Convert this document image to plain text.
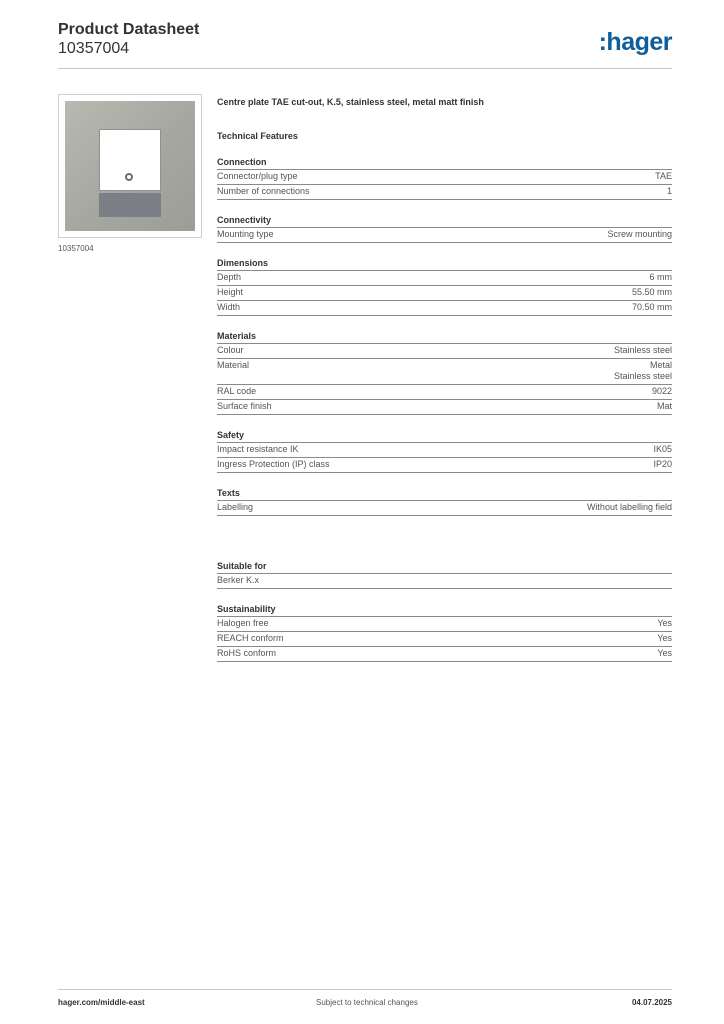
Product Datasheet
10357004	:hager
10357004
Centre plate TAE cut-out, K.5, stainless steel, metal matt finish
Technical Features
Connection
Connector/plug type	TAE
Number of connections	1
Connectivity
Mounting type	Screw mounting
Dimensions
Depth	6 mm
Height	55.50 mm
Width	70.50 mm
Materials
Colour	Stainless steel
Material	Metal
Stainless steel
RAL code	9022
Surface finish	Mat
Safety
Impact resistance IK	IK05
Ingress Protection (IP) class	IP20
Texts
Labelling	Without labelling field
Suitable for
Berker K.x
Sustainability
Halogen free	Yes
REACH conform	Yes
RoHS conform	Yes
hager.com/middle-east	Subject to technical changes	04.07.2025
